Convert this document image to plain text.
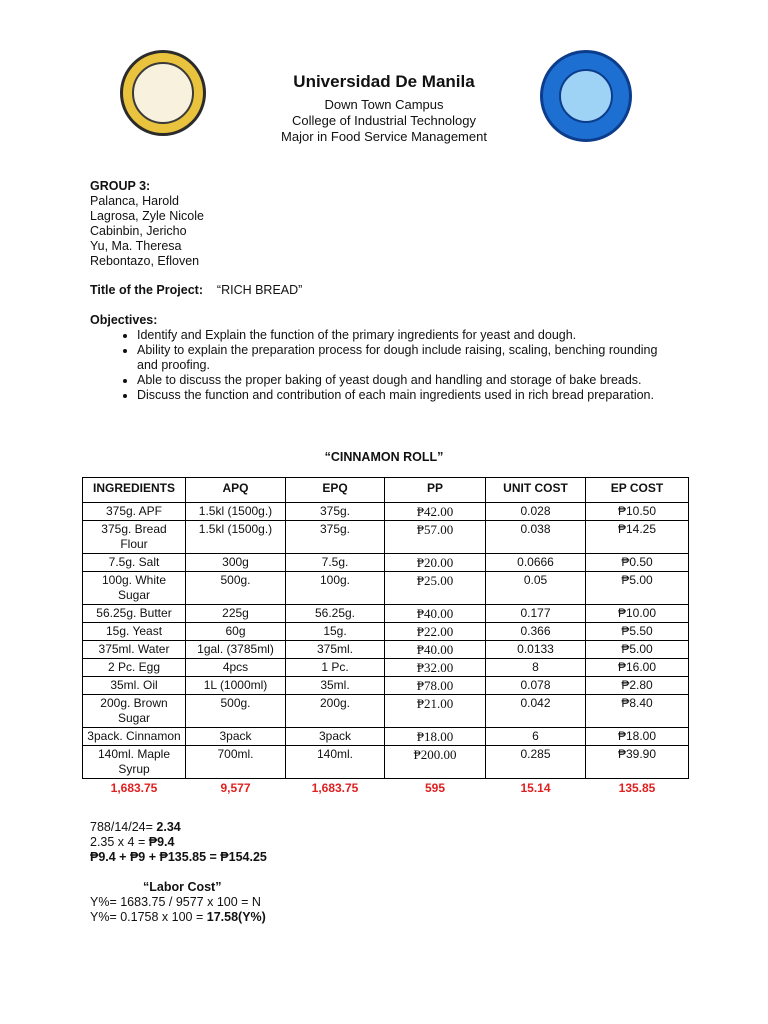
Universidad De Manila
Down Town Campus
College of Industrial Technology
Major in Food Service Management
GROUP 3:
Palanca, Harold
Lagrosa, Zyle Nicole
Cabinbin, Jericho
Yu, Ma. Theresa
Rebontazo, Efloven
Title of the Project: “RICH BREAD”
Objectives:
• Identify and Explain the function of the primary ingredients for yeast and dough.
• Ability to explain the preparation process for dough include raising, scaling, benching rounding and proofing.
• Able to discuss the proper baking of yeast dough and handling and storage of bake breads.
• Discuss the function and contribution of each main ingredients used in rich bread preparation.
“CINNAMON ROLL”
INGREDIENTS	APQ	EPQ	PP	UNIT COST	EP COST
375g. APF	1.5kl (1500g.)	375g.	₱42.00	0.028	₱10.50
375g. Bread Flour	1.5kl (1500g.)	375g.	₱57.00	0.038	₱14.25
7.5g. Salt	300g	7.5g.	₱20.00	0.0666	₱0.50
100g. White Sugar	500g.	100g.	₱25.00	0.05	₱5.00
56.25g. Butter	225g	56.25g.	₱40.00	0.177	₱10.00
15g. Yeast	60g	15g.	₱22.00	0.366	₱5.50
375ml. Water	1gal. (3785ml)	375ml.	₱40.00	0.0133	₱5.00
2 Pc. Egg	4pcs	1 Pc.	₱32.00	8	₱16.00
35ml. Oil	1L (1000ml)	35ml.	₱78.00	0.078	₱2.80
200g. Brown Sugar	500g.	200g.	₱21.00	0.042	₱8.40
3pack. Cinnamon	3pack	3pack	₱18.00	6	₱18.00
140ml. Maple Syrup	700ml.	140ml.	₱200.00	0.285	₱39.90
1,683.75	9,577	1,683.75	595	15.14	135.85
788/14/24= 2.34
2.35 x 4 = ₱9.4
₱9.4 + ₱9 + ₱135.85 = ₱154.25
“Labor Cost”
Y%= 1683.75 / 9577 x 100 = N
Y%= 0.1758 x 100 = 17.58(Y%)
